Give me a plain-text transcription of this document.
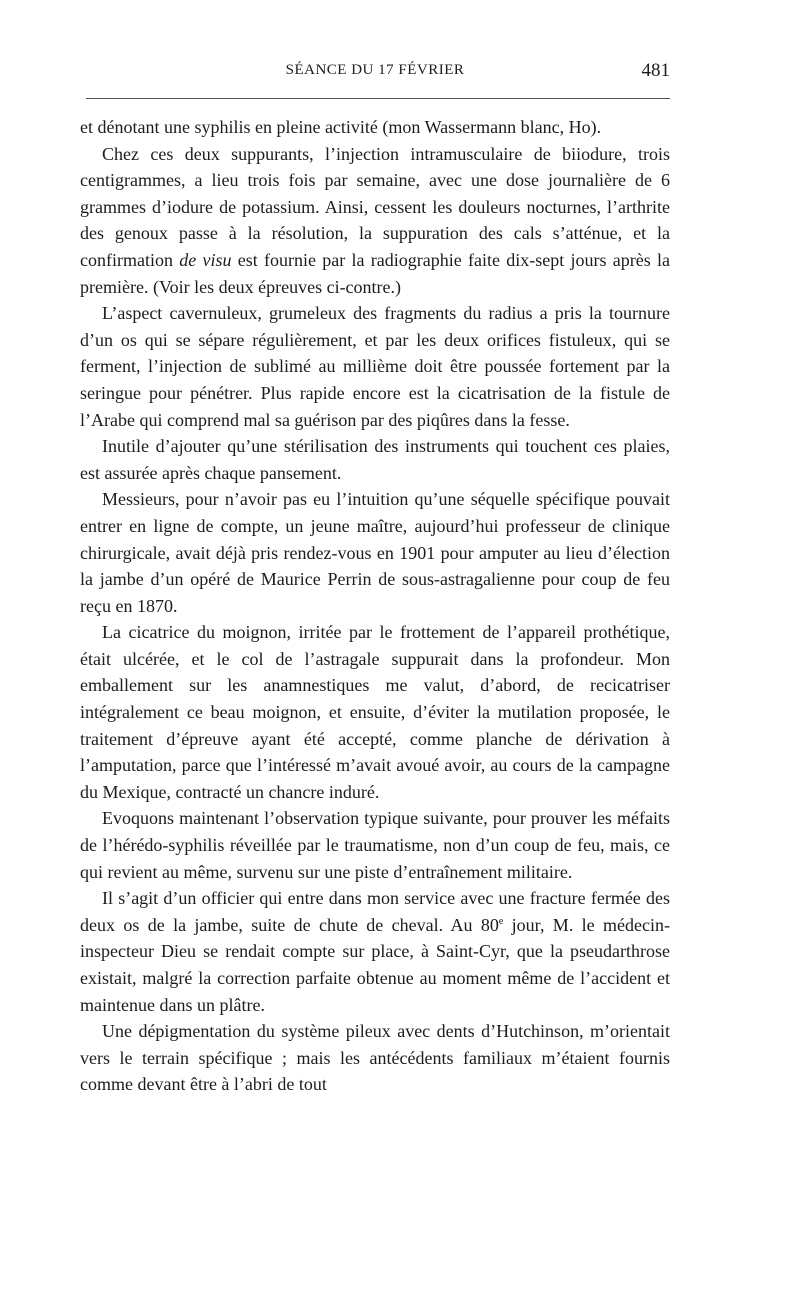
SÉANCE DU 17 FÉVRIER	481

et dénotant une syphilis en pleine activité (mon Wassermann blanc, Ho).

Chez ces deux suppurants, l’injection intramusculaire de biiodure, trois centigrammes, a lieu trois fois par semaine, avec une dose journalière de 6 grammes d’iodure de potassium. Ainsi, cessent les douleurs nocturnes, l’arthrite des genoux passe à la résolution, la suppuration des cals s’atténue, et la confirmation de visu est fournie par la radiographie faite dix-sept jours après la première. (Voir les deux épreuves ci-contre.)

L’aspect cavernuleux, grumeleux des fragments du radius a pris la tournure d’un os qui se sépare régulièrement, et par les deux orifices fistuleux, qui se ferment, l’injection de sublimé au millième doit être poussée fortement par la seringue pour pénétrer. Plus rapide encore est la cicatrisation de la fistule de l’Arabe qui comprend mal sa guérison par des piqûres dans la fesse.

Inutile d’ajouter qu’une stérilisation des instruments qui touchent ces plaies, est assurée après chaque pansement.

Messieurs, pour n’avoir pas eu l’intuition qu’une séquelle spécifique pouvait entrer en ligne de compte, un jeune maître, aujourd’hui professeur de clinique chirurgicale, avait déjà pris rendez-vous en 1901 pour amputer au lieu d’élection la jambe d’un opéré de Maurice Perrin de sous-astragalienne pour coup de feu reçu en 1870.

La cicatrice du moignon, irritée par le frottement de l’appareil prothétique, était ulcérée, et le col de l’astragale suppurait dans la profondeur. Mon emballement sur les anamnestiques me valut, d’abord, de recicatriser intégralement ce beau moignon, et ensuite, d’éviter la mutilation proposée, le traitement d’épreuve ayant été accepté, comme planche de dérivation à l’amputation, parce que l’intéressé m’avait avoué avoir, au cours de la campagne du Mexique, contracté un chancre induré.

Evoquons maintenant l’observation typique suivante, pour prouver les méfaits de l’hérédo-syphilis réveillée par le traumatisme, non d’un coup de feu, mais, ce qui revient au même, survenu sur une piste d’entraînement militaire.

Il s’agit d’un officier qui entre dans mon service avec une fracture fermée des deux os de la jambe, suite de chute de cheval. Au 80e jour, M. le médecin-inspecteur Dieu se rendait compte sur place, à Saint-Cyr, que la pseudarthrose existait, malgré la correction parfaite obtenue au moment même de l’accident et maintenue dans un plâtre.

Une dépigmentation du système pileux avec dents d’Hutchinson, m’orientait vers le terrain spécifique ; mais les antécédents familiaux m’étaient fournis comme devant être à l’abri de tout
